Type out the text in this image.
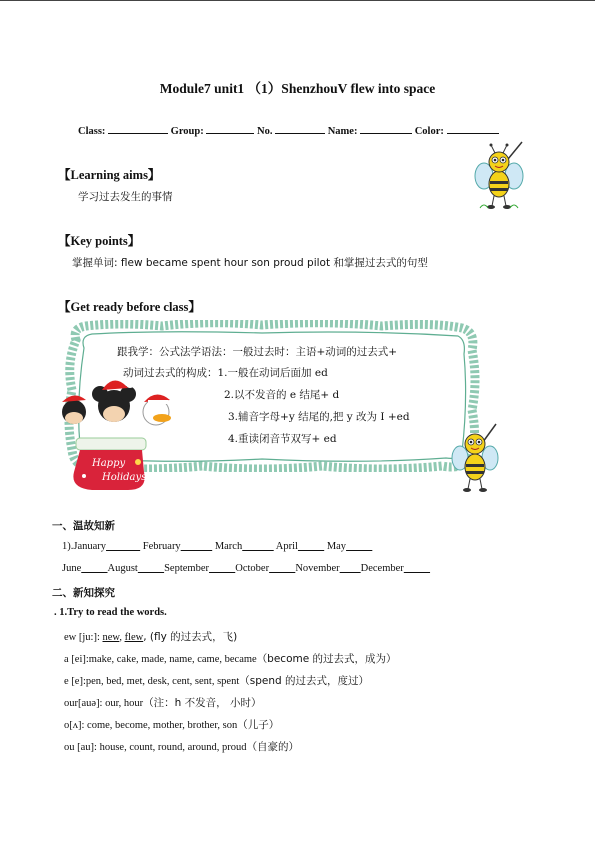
Module7 unit1 （1）ShenzhouV flew into space
Class:	Group:	No.	Name:	Color:
【Learning aims】
学习过去发生的事情
【Key points】
掌握单词: flew became spent hour son proud pilot 和掌握过去式的句型
【Get ready before class】
跟我学：公式法学语法：一般过去时：主语+动词的过去式+
动词过去式的构成：1.一般在动词后面加 ed
2.以不发音的 e 结尾+ d
3.辅音字母+y 结尾的,把 y 改为 I +ed
4.重读闭音节双写+ ed
Happy
Holidays
一、温故知新
1).January	February	March	April	May
June	August	September	October	November December
二、新知探究
. 1.Try to read the words.
ew [ju:]: new, flew, (fly 的过去式，飞)
a [ei]:make, cake, made, name, came, became（become 的过去式，成为）
e [e]:pen, bed, met, desk, cent, sent, spent（spend 的过去式，度过）
our[auә]: our, hour（注：h 不发音， 小时）
o[ʌ]: come, become, mother, brother, son（儿子）
ou [au]: house, count, round, around, proud（自豪的）
